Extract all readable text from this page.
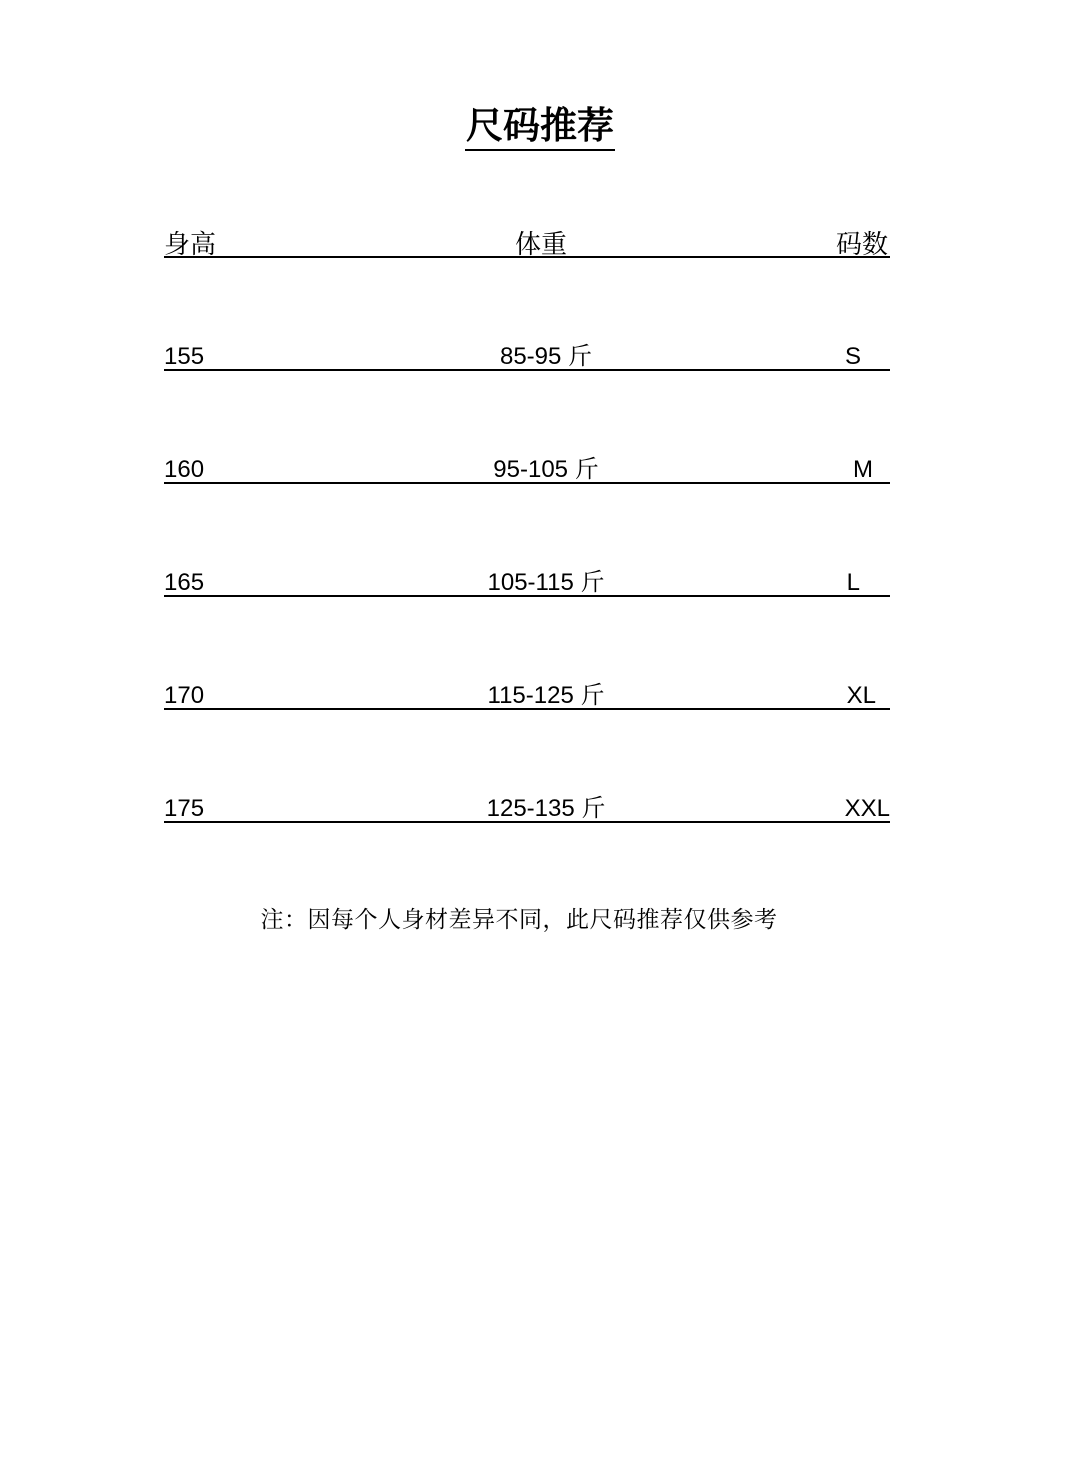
尺码推荐
身高	体重	码数
155	85-95 斤	S
160	95-105 斤	M
165	105-115 斤	L
170	115-125 斤	XL
175	125-135 斤	XXL
注：因每个人身材差异不同，此尺码推荐仅供参考
